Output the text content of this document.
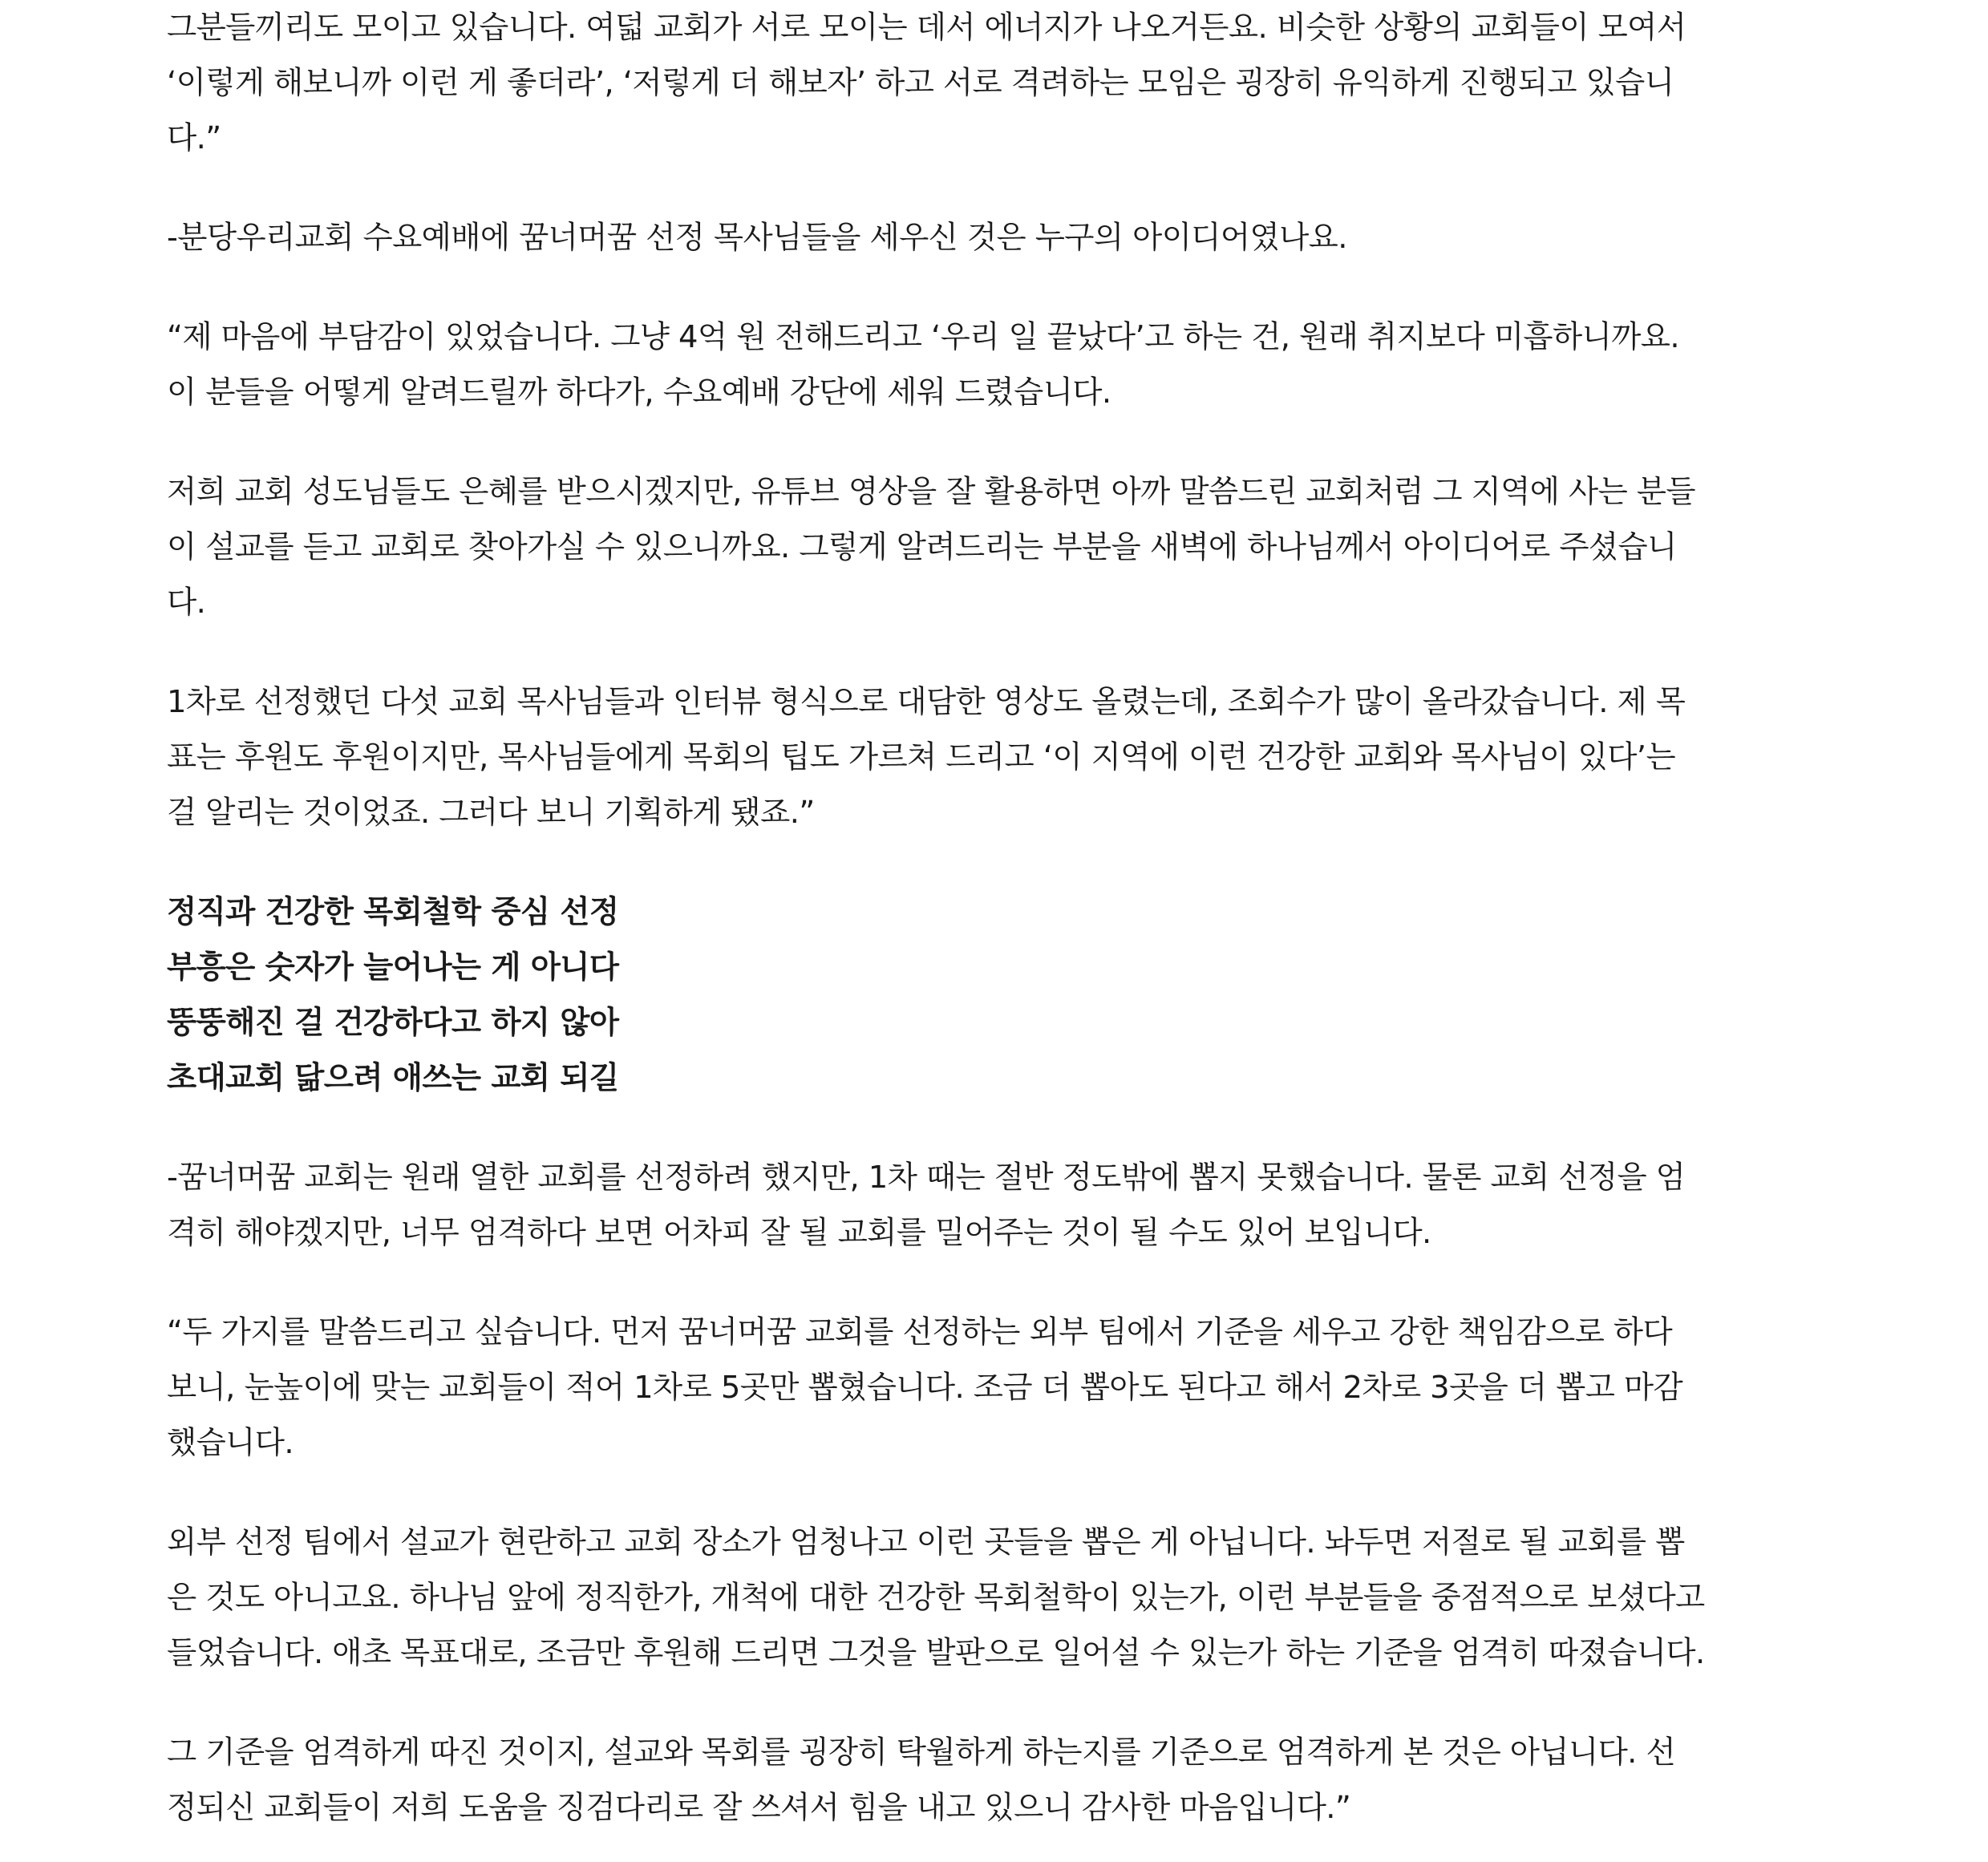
그분들끼리도 모이고 있습니다. 여덟 교회가 서로 모이는 데서 에너지가 나오거든요. 비슷한 상황의 교회들이 모여서
‘이렇게 해보니까 이런 게 좋더라’, ‘저렇게 더 해보자’ 하고 서로 격려하는 모임은 굉장히 유익하게 진행되고 있습니
다.”

-분당우리교회 수요예배에 꿈너머꿈 선정 목사님들을 세우신 것은 누구의 아이디어였나요.

“제 마음에 부담감이 있었습니다. 그냥 4억 원 전해드리고 ‘우리 일 끝났다’고 하는 건, 원래 취지보다 미흡하니까요.
이 분들을 어떻게 알려드릴까 하다가, 수요예배 강단에 세워 드렸습니다.

저희 교회 성도님들도 은혜를 받으시겠지만, 유튜브 영상을 잘 활용하면 아까 말씀드린 교회처럼 그 지역에 사는 분들
이 설교를 듣고 교회로 찾아가실 수 있으니까요. 그렇게 알려드리는 부분을 새벽에 하나님께서 아이디어로 주셨습니
다.

1차로 선정했던 다섯 교회 목사님들과 인터뷰 형식으로 대담한 영상도 올렸는데, 조회수가 많이 올라갔습니다. 제 목
표는 후원도 후원이지만, 목사님들에게 목회의 팁도 가르쳐 드리고 ‘이 지역에 이런 건강한 교회와 목사님이 있다’는
걸 알리는 것이었죠. 그러다 보니 기획하게 됐죠.”

정직과 건강한 목회철학 중심 선정
부흥은 숫자가 늘어나는 게 아니다
뚱뚱해진 걸 건강하다고 하지 않아
초대교회 닮으려 애쓰는 교회 되길

-꿈너머꿈 교회는 원래 열한 교회를 선정하려 했지만, 1차 때는 절반 정도밖에 뽑지 못했습니다. 물론 교회 선정을 엄
격히 해야겠지만, 너무 엄격하다 보면 어차피 잘 될 교회를 밀어주는 것이 될 수도 있어 보입니다.

“두 가지를 말씀드리고 싶습니다. 먼저 꿈너머꿈 교회를 선정하는 외부 팀에서 기준을 세우고 강한 책임감으로 하다
보니, 눈높이에 맞는 교회들이 적어 1차로 5곳만 뽑혔습니다. 조금 더 뽑아도 된다고 해서 2차로 3곳을 더 뽑고 마감
했습니다.

외부 선정 팀에서 설교가 현란하고 교회 장소가 엄청나고 이런 곳들을 뽑은 게 아닙니다. 놔두면 저절로 될 교회를 뽑
은 것도 아니고요. 하나님 앞에 정직한가, 개척에 대한 건강한 목회철학이 있는가, 이런 부분들을 중점적으로 보셨다고
들었습니다. 애초 목표대로, 조금만 후원해 드리면 그것을 발판으로 일어설 수 있는가 하는 기준을 엄격히 따졌습니다.

그 기준을 엄격하게 따진 것이지, 설교와 목회를 굉장히 탁월하게 하는지를 기준으로 엄격하게 본 것은 아닙니다. 선
정되신 교회들이 저희 도움을 징검다리로 잘 쓰셔서 힘을 내고 있으니 감사한 마음입니다.”
